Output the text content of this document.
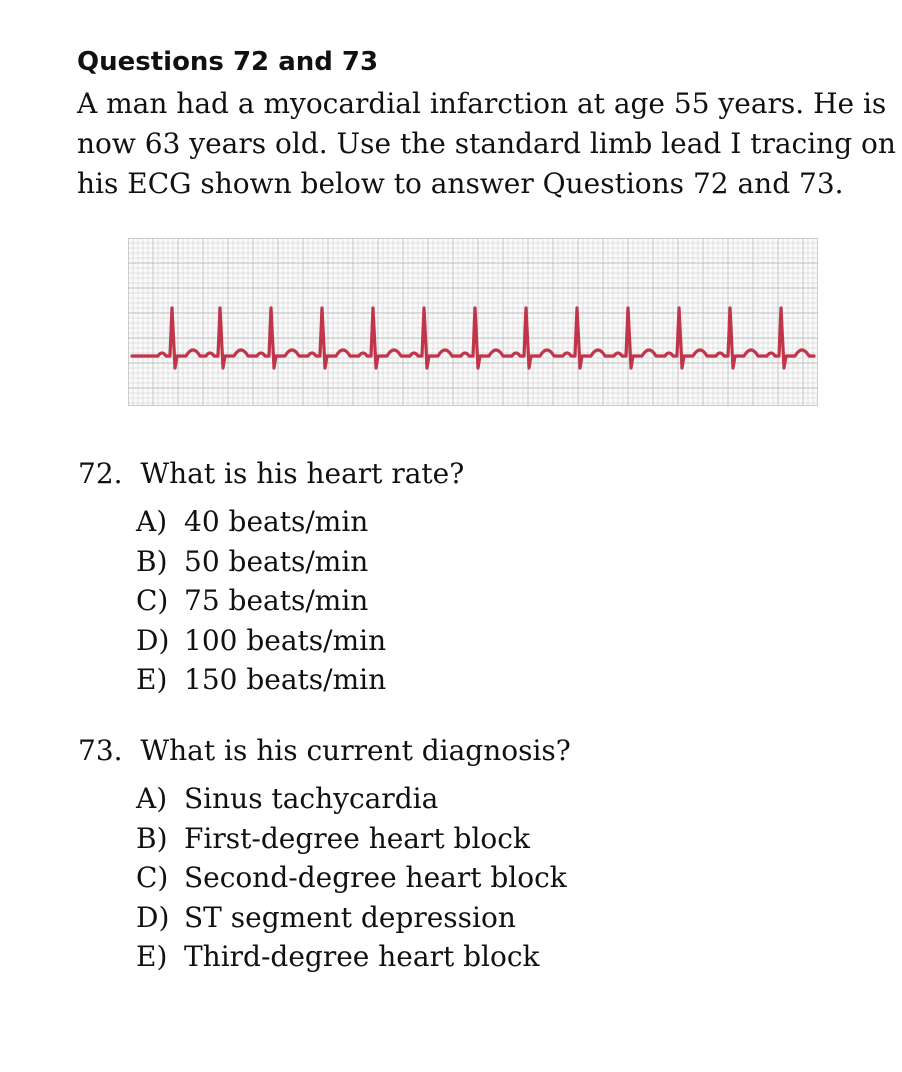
Questions 72 and 73
A man had a myocardial infarction at age 55 years. He is
now 63 years old. Use the standard limb lead I tracing on
his ECG shown below to answer Questions 72 and 73.
72. What is his heart rate?
A) 40 beats/min
B) 50 beats/min
C) 75 beats/min
D) 100 beats/min
E) 150 beats/min
73. What is his current diagnosis?
A) Sinus tachycardia
B) First-degree heart block
C) Second-degree heart block
D) ST segment depression
E) Third-degree heart block
